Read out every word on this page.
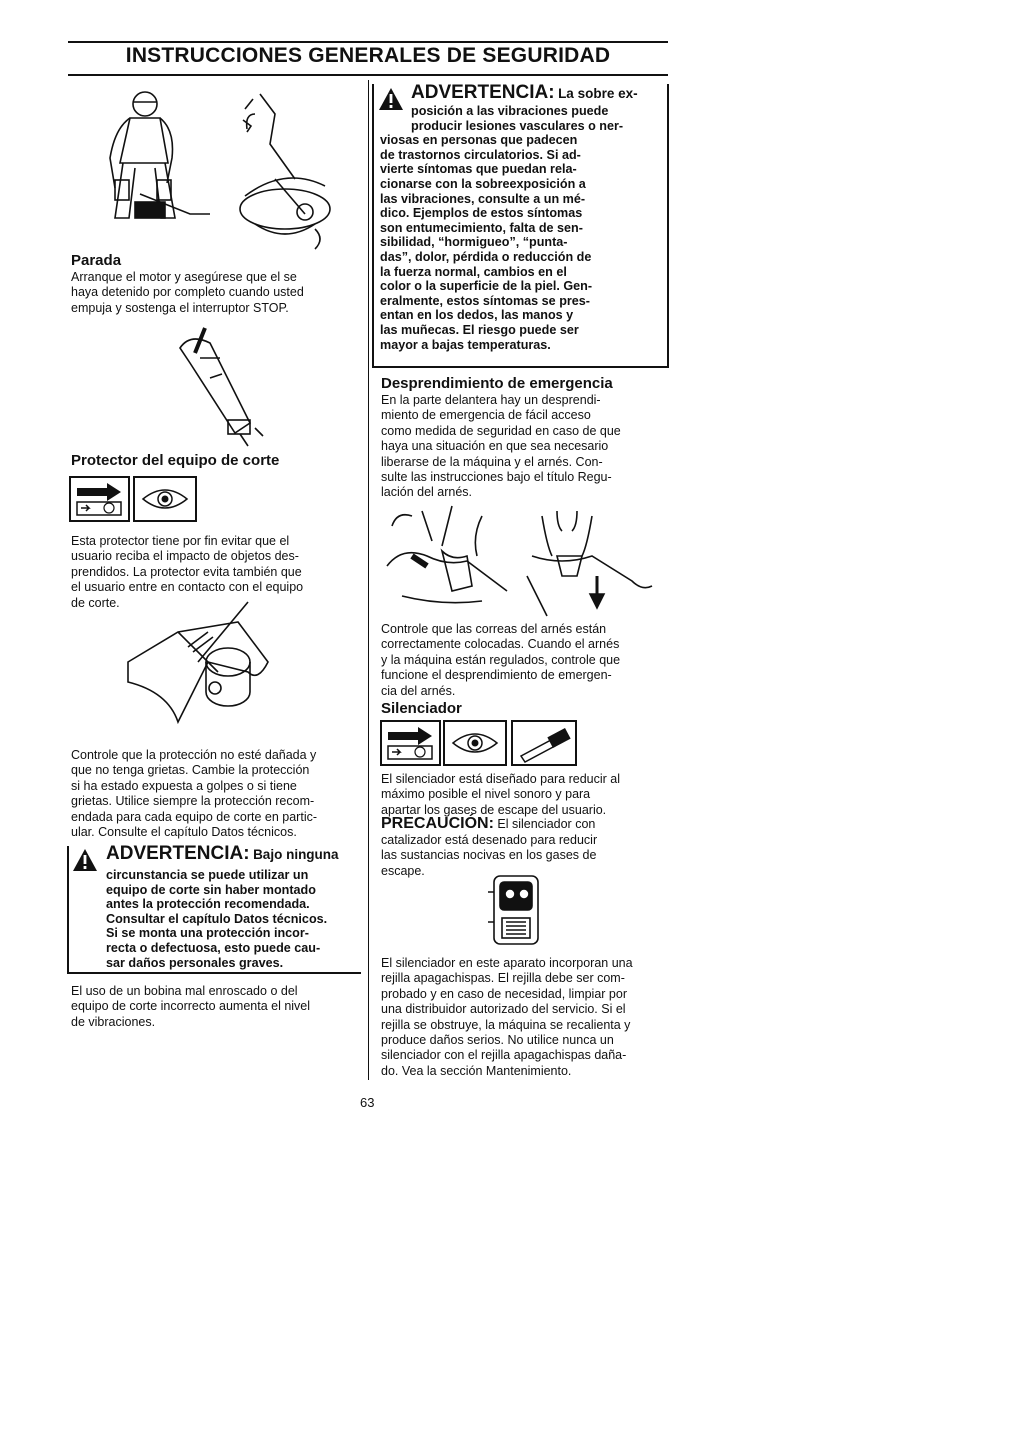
INSTRUCCIONES GENERALES DE SEGURIDAD
Parada
Arranque el motor y asegúrese que el se
haya detenido por completo cuando usted
empuja y sostenga el interruptor STOP.
Protector del equipo de corte
Esta protector tiene por fin evitar que el
usuario reciba el impacto de objetos des-
prendidos. La protector evita también que
el usuario entre en contacto con el equipo
de corte.
Controle que la protección no esté dañada y
que no tenga grietas. Cambie la protección
si ha estado expuesta a golpes o si tiene
grietas. Utilice siempre la protección recom-
endada para cada equipo de corte en partic-
ular. Consulte el capítulo Datos técnicos.
ADVERTENCIA: Bajo ninguna
circunstancia se puede utilizar un
equipo de corte sin haber montado
antes la protección recomendada.
Consultar el capítulo Datos técnicos.
Si se monta una protección incor-
recta o defectuosa, esto puede cau-
sar daños personales graves.
El uso de un bobina mal enroscado o del
equipo de corte incorrecto aumenta el nivel
de vibraciones.
ADVERTENCIA: La sobre ex-
posición a las vibraciones puede
producir lesiones vasculares o ner-
viosas en personas que padecen
de trastornos circulatorios. Si ad-
vierte síntomas que puedan rela-
cionarse con la sobreexposición a
las vibraciones, consulte a un mé-
dico. Ejemplos de estos síntomas
son entumecimiento, falta de sen-
sibilidad, “hormigueo”, “punta-
das”, dolor, pérdida o reducción de
la fuerza normal, cambios en el
color o la superficie de la piel. Gen-
eralmente, estos síntomas se pres-
entan en los dedos, las manos y
las muñecas. El riesgo puede ser
mayor a bajas temperaturas.
Desprendimiento de emergencia
En la parte delantera hay un desprendi-
miento de emergencia de fácil acceso
como medida de seguridad en caso de que
haya una situación en que sea necesario
liberarse de la máquina y el arnés. Con-
sulte las instrucciones bajo el título Regu-
lación del arnés.
Controle que las correas del arnés están
correctamente colocadas. Cuando el arnés
y la máquina están regulados, controle que
funcione el desprendimiento de emergen-
cia del arnés.
Silenciador
El silenciador está diseñado para reducir al
máximo posible el nivel sonoro y para
apartar los gases de escape del usuario.
PRECAUCIÓN: El silenciador con
catalizador está desenado para reducir
las sustancias nocivas en los gases de
escape.
El silenciador en este aparato incorporan una
rejilla apagachispas. El rejilla debe ser com-
probado y en caso de necesidad, limpiar por
una distribuidor autorizado del servicio. Si el
rejilla se obstruye, la máquina se recalienta y
produce daños serios. No utilice nunca un
silenciador con el rejilla apagachispas daña-
do. Vea la sección Mantenimiento.
63
